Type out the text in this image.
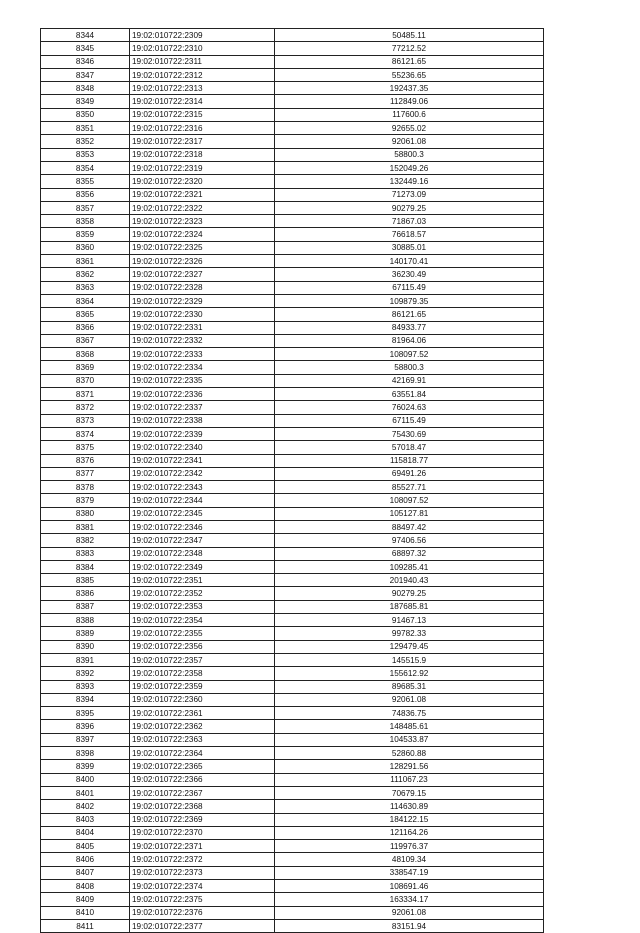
8344	19:02:010722:2309	50485.11
8345	19:02:010722:2310	77212.52
8346	19:02:010722:2311	86121.65
8347	19:02:010722:2312	55236.65
8348	19:02:010722:2313	192437.35
8349	19:02:010722:2314	112849.06
8350	19:02:010722:2315	117600.6
8351	19:02:010722:2316	92655.02
8352	19:02:010722:2317	92061.08
8353	19:02:010722:2318	58800.3
8354	19:02:010722:2319	152049.26
8355	19:02:010722:2320	132449.16
8356	19:02:010722:2321	71273.09
8357	19:02:010722:2322	90279.25
8358	19:02:010722:2323	71867.03
8359	19:02:010722:2324	76618.57
8360	19:02:010722:2325	30885.01
8361	19:02:010722:2326	140170.41
8362	19:02:010722:2327	36230.49
8363	19:02:010722:2328	67115.49
8364	19:02:010722:2329	109879.35
8365	19:02:010722:2330	86121.65
8366	19:02:010722:2331	84933.77
8367	19:02:010722:2332	81964.06
8368	19:02:010722:2333	108097.52
8369	19:02:010722:2334	58800.3
8370	19:02:010722:2335	42169.91
8371	19:02:010722:2336	63551.84
8372	19:02:010722:2337	76024.63
8373	19:02:010722:2338	67115.49
8374	19:02:010722:2339	75430.69
8375	19:02:010722:2340	57018.47
8376	19:02:010722:2341	115818.77
8377	19:02:010722:2342	69491.26
8378	19:02:010722:2343	85527.71
8379	19:02:010722:2344	108097.52
8380	19:02:010722:2345	105127.81
8381	19:02:010722:2346	88497.42
8382	19:02:010722:2347	97406.56
8383	19:02:010722:2348	68897.32
8384	19:02:010722:2349	109285.41
8385	19:02:010722:2351	201940.43
8386	19:02:010722:2352	90279.25
8387	19:02:010722:2353	187685.81
8388	19:02:010722:2354	91467.13
8389	19:02:010722:2355	99782.33
8390	19:02:010722:2356	129479.45
8391	19:02:010722:2357	145515.9
8392	19:02:010722:2358	155612.92
8393	19:02:010722:2359	89685.31
8394	19:02:010722:2360	92061.08
8395	19:02:010722:2361	74836.75
8396	19:02:010722:2362	148485.61
8397	19:02:010722:2363	104533.87
8398	19:02:010722:2364	52860.88
8399	19:02:010722:2365	128291.56
8400	19:02:010722:2366	111067.23
8401	19:02:010722:2367	70679.15
8402	19:02:010722:2368	114630.89
8403	19:02:010722:2369	184122.15
8404	19:02:010722:2370	121164.26
8405	19:02:010722:2371	119976.37
8406	19:02:010722:2372	48109.34
8407	19:02:010722:2373	338547.19
8408	19:02:010722:2374	108691.46
8409	19:02:010722:2375	163334.17
8410	19:02:010722:2376	92061.08
8411	19:02:010722:2377	83151.94
